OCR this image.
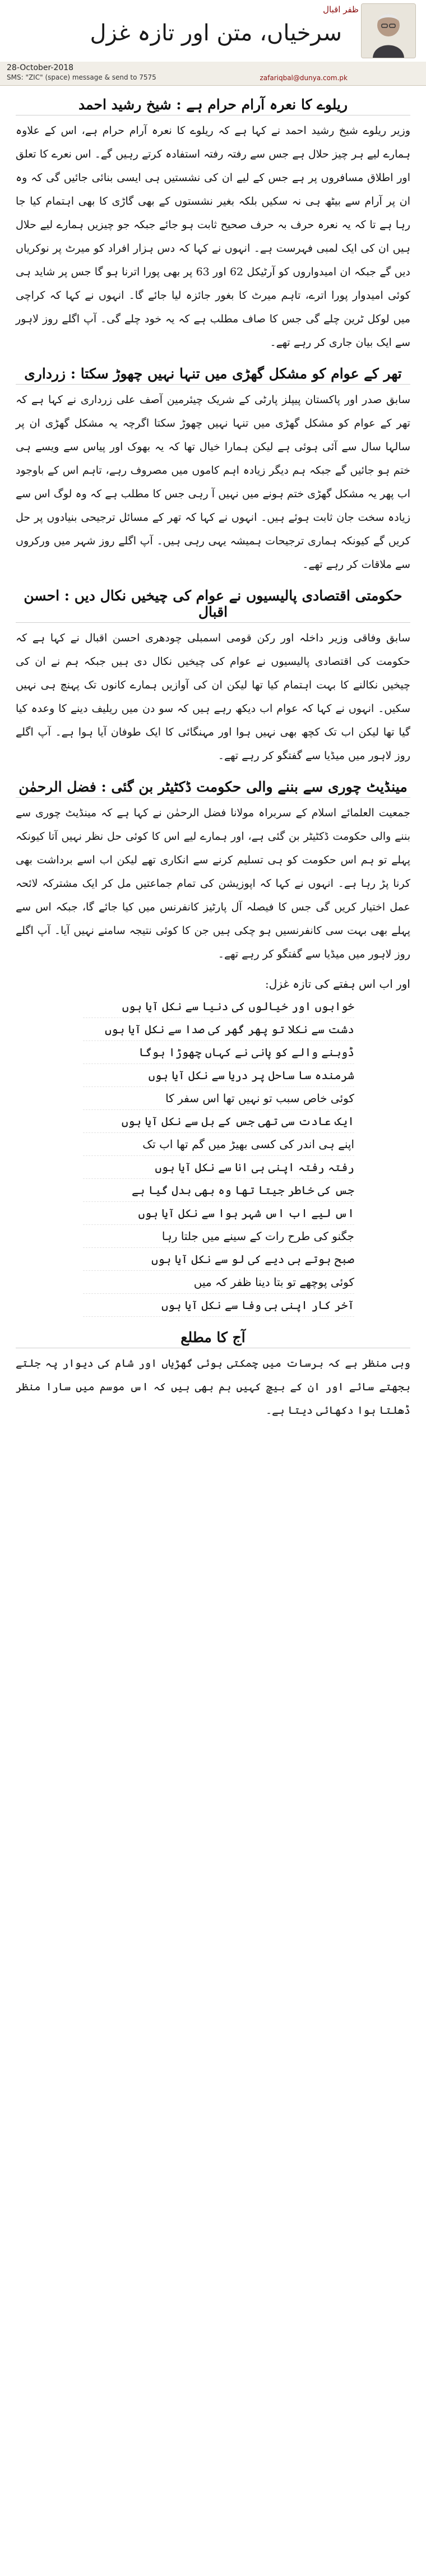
ظفر اقبال
سرخیاں، متن اور تازہ غزل
28-October-2018
SMS: "ZIC" (space) message & send to 7575	zafariqbal@dunya.com.pk
ریلوے کا نعرہ آرام حرام ہے : شیخ رشید احمد

وزیر ریلوے شیخ رشید احمد نے کہا ہے کہ ریلوے کا نعرہ آرام حرام ہے، اس کے علاوہ ہمارے لیے ہر چیز حلال ہے جس سے رفتہ رفتہ استفادہ کرتے رہیں گے۔ اس نعرے کا تعلق اور اطلاق مسافروں پر ہے جس کے لیے ان کی نشستیں ہی ایسی بنائی جائیں گی کہ وہ ان پر آرام سے بیٹھ ہی نہ سکیں بلکہ بغیر نشستوں کے بھی گاڑی کا بھی اہتمام کیا جا رہا ہے تا کہ یہ نعرہ حرف بہ حرف صحیح ثابت ہو جائے جبکہ جو چیزیں ہمارے لیے حلال ہیں ان کی ایک لمبی فہرست ہے۔ انہوں نے کہا کہ دس ہزار افراد کو میرٹ پر نوکریاں دیں گے جبکہ ان امیدواروں کو آرٹیکل 62 اور 63 پر بھی پورا اترنا ہو گا جس پر شاید ہی کوئی امیدوار پورا اترے، تاہم میرٹ کا بغور جائزہ لیا جائے گا۔ انہوں نے کہا کہ کراچی میں لوکل ٹرین چلے گی جس کا صاف مطلب ہے کہ یہ خود چلے گی۔ آپ اگلے روز لاہور سے ایک بیان جاری کر رہے تھے۔

تھر کے عوام کو مشکل گھڑی میں تنہا نہیں چھوڑ سکتا : زرداری

سابق صدر اور پاکستان پیپلز پارٹی کے شریک چیئرمین آصف علی زرداری نے کہا ہے کہ تھر کے عوام کو مشکل گھڑی میں تنہا نہیں چھوڑ سکتا اگرچہ یہ مشکل گھڑی ان پر سالہا سال سے آئی ہوئی ہے لیکن ہمارا خیال تھا کہ یہ بھوک اور پیاس سے ویسے ہی ختم ہو جائیں گے جبکہ ہم دیگر زیادہ اہم کاموں میں مصروف رہے، تاہم اس کے باوجود اب پھر یہ مشکل گھڑی ختم ہونے میں نہیں آ رہی جس کا مطلب ہے کہ وہ لوگ اس سے زیادہ سخت جان ثابت ہوئے ہیں۔ انہوں نے کہا کہ تھر کے مسائل ترجیحی بنیادوں پر حل کریں گے کیونکہ ہماری ترجیحات ہمیشہ یہی رہی ہیں۔ آپ اگلے روز شہر میں ورکروں سے ملاقات کر رہے تھے۔

حکومتی اقتصادی پالیسیوں نے عوام کی چیخیں نکال دیں : احسن اقبال

سابق وفاقی وزیر داخلہ اور رکن قومی اسمبلی چودھری احسن اقبال نے کہا ہے کہ حکومت کی اقتصادی پالیسیوں نے عوام کی چیخیں نکال دی ہیں جبکہ ہم نے ان کی چیخیں نکالنے کا بہت اہتمام کیا تھا لیکن ان کی آوازیں ہمارے کانوں تک پہنچ ہی نہیں سکیں۔ انہوں نے کہا کہ عوام اب دیکھ رہے ہیں کہ سو دن میں ریلیف دینے کا وعدہ کیا گیا تھا لیکن اب تک کچھ بھی نہیں ہوا اور مہنگائی کا ایک طوفان آیا ہوا ہے۔ آپ اگلے روز لاہور میں میڈیا سے گفتگو کر رہے تھے۔

مینڈیٹ چوری سے بننے والی حکومت ڈکٹیٹر بن گئی : فضل الرحمٰن

جمعیت العلمائے اسلام کے سربراہ مولانا فضل الرحمٰن نے کہا ہے کہ مینڈیٹ چوری سے بننے والی حکومت ڈکٹیٹر بن گئی ہے، اور ہمارے لیے اس کا کوئی حل نظر نہیں آتا کیونکہ پہلے تو ہم اس حکومت کو ہی تسلیم کرنے سے انکاری تھے لیکن اب اسے برداشت بھی کرنا پڑ رہا ہے۔ انہوں نے کہا کہ اپوزیشن کی تمام جماعتیں مل کر ایک مشترکہ لائحہ عمل اختیار کریں گی جس کا فیصلہ آل پارٹیز کانفرنس میں کیا جائے گا، جبکہ اس سے پہلے بھی بہت سی کانفرنسیں ہو چکی ہیں جن کا کوئی نتیجہ سامنے نہیں آیا۔ آپ اگلے روز لاہور میں میڈیا سے گفتگو کر رہے تھے۔

اور اب اس ہفتے کی تازہ غزل:
خوابوں اور خیالوں کی دنیا سے نکل آیا ہوں
دشت سے نکلا تو پھر گھر کی صدا سے نکل آیا ہوں
ڈوبنے والے کو پانی نے کہاں چھوڑا ہوگا
شرمندہ سا ساحل پر دریا سے نکل آیا ہوں
کوئی خاص سبب تو نہیں تھا اس سفر کا
ایک عادت سی تھی جس کے بل سے نکل آیا ہوں
اپنے ہی اندر کی کسی بھیڑ میں گم تھا اب تک
رفتہ رفتہ اپنی ہی انا سے نکل آیا ہوں
جس کی خاطر جیتا تھا وہ بھی بدل گیا ہے
اس لیے اب اس شہر ہوا سے نکل آیا ہوں
جگنو کی طرح رات کے سینے میں جلتا رہا
صبح ہوتے ہی دیے کی لو سے نکل آیا ہوں
کوئی پوچھے تو بتا دینا ظفر کہ میں
آخر کار اپنی ہی وفا سے نکل آیا ہوں
آج کا مطلع

وہی منظر ہے کہ برسات میں چمکتی ہوئی گھڑیاں اور شام کی دیوار پہ جلتے بجھتے سائے اور ان کے بیچ کہیں ہم بھی ہیں کہ اس موسم میں سارا منظر ڈھلتا ہوا دکھائی دیتا ہے۔
